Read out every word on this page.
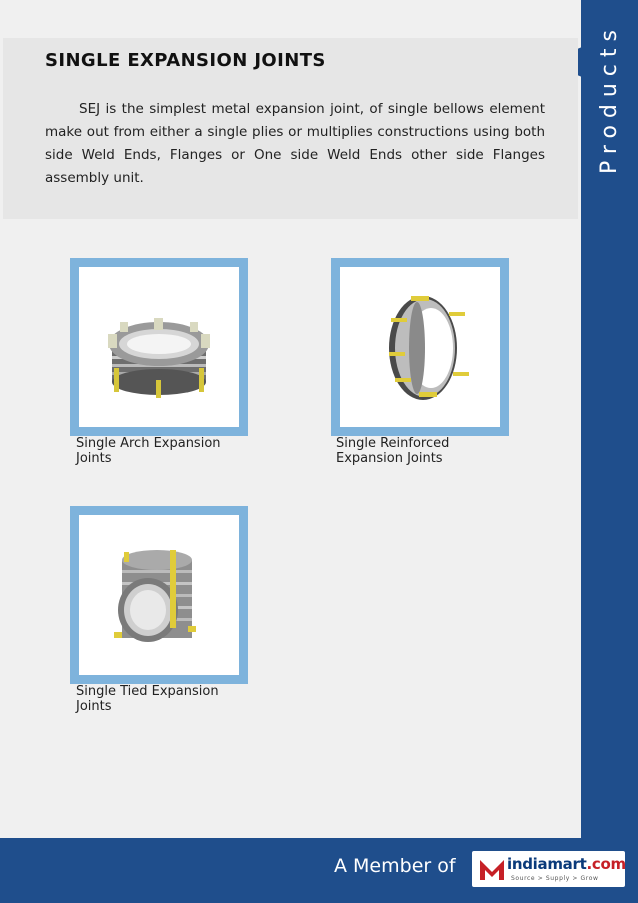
Products
SINGLE EXPANSION JOINTS

SEJ is the simplest metal expansion joint, of single bellows element make out from either a single plies or multiplies constructions using both side Weld Ends, Flanges or One side Weld Ends other side Flanges assembly unit.

Single Arch Expansion Joints
Single Reinforced Expansion Joints
Single Tied Expansion Joints
A Member of	indiamart.com
Source > Supply > Grow
